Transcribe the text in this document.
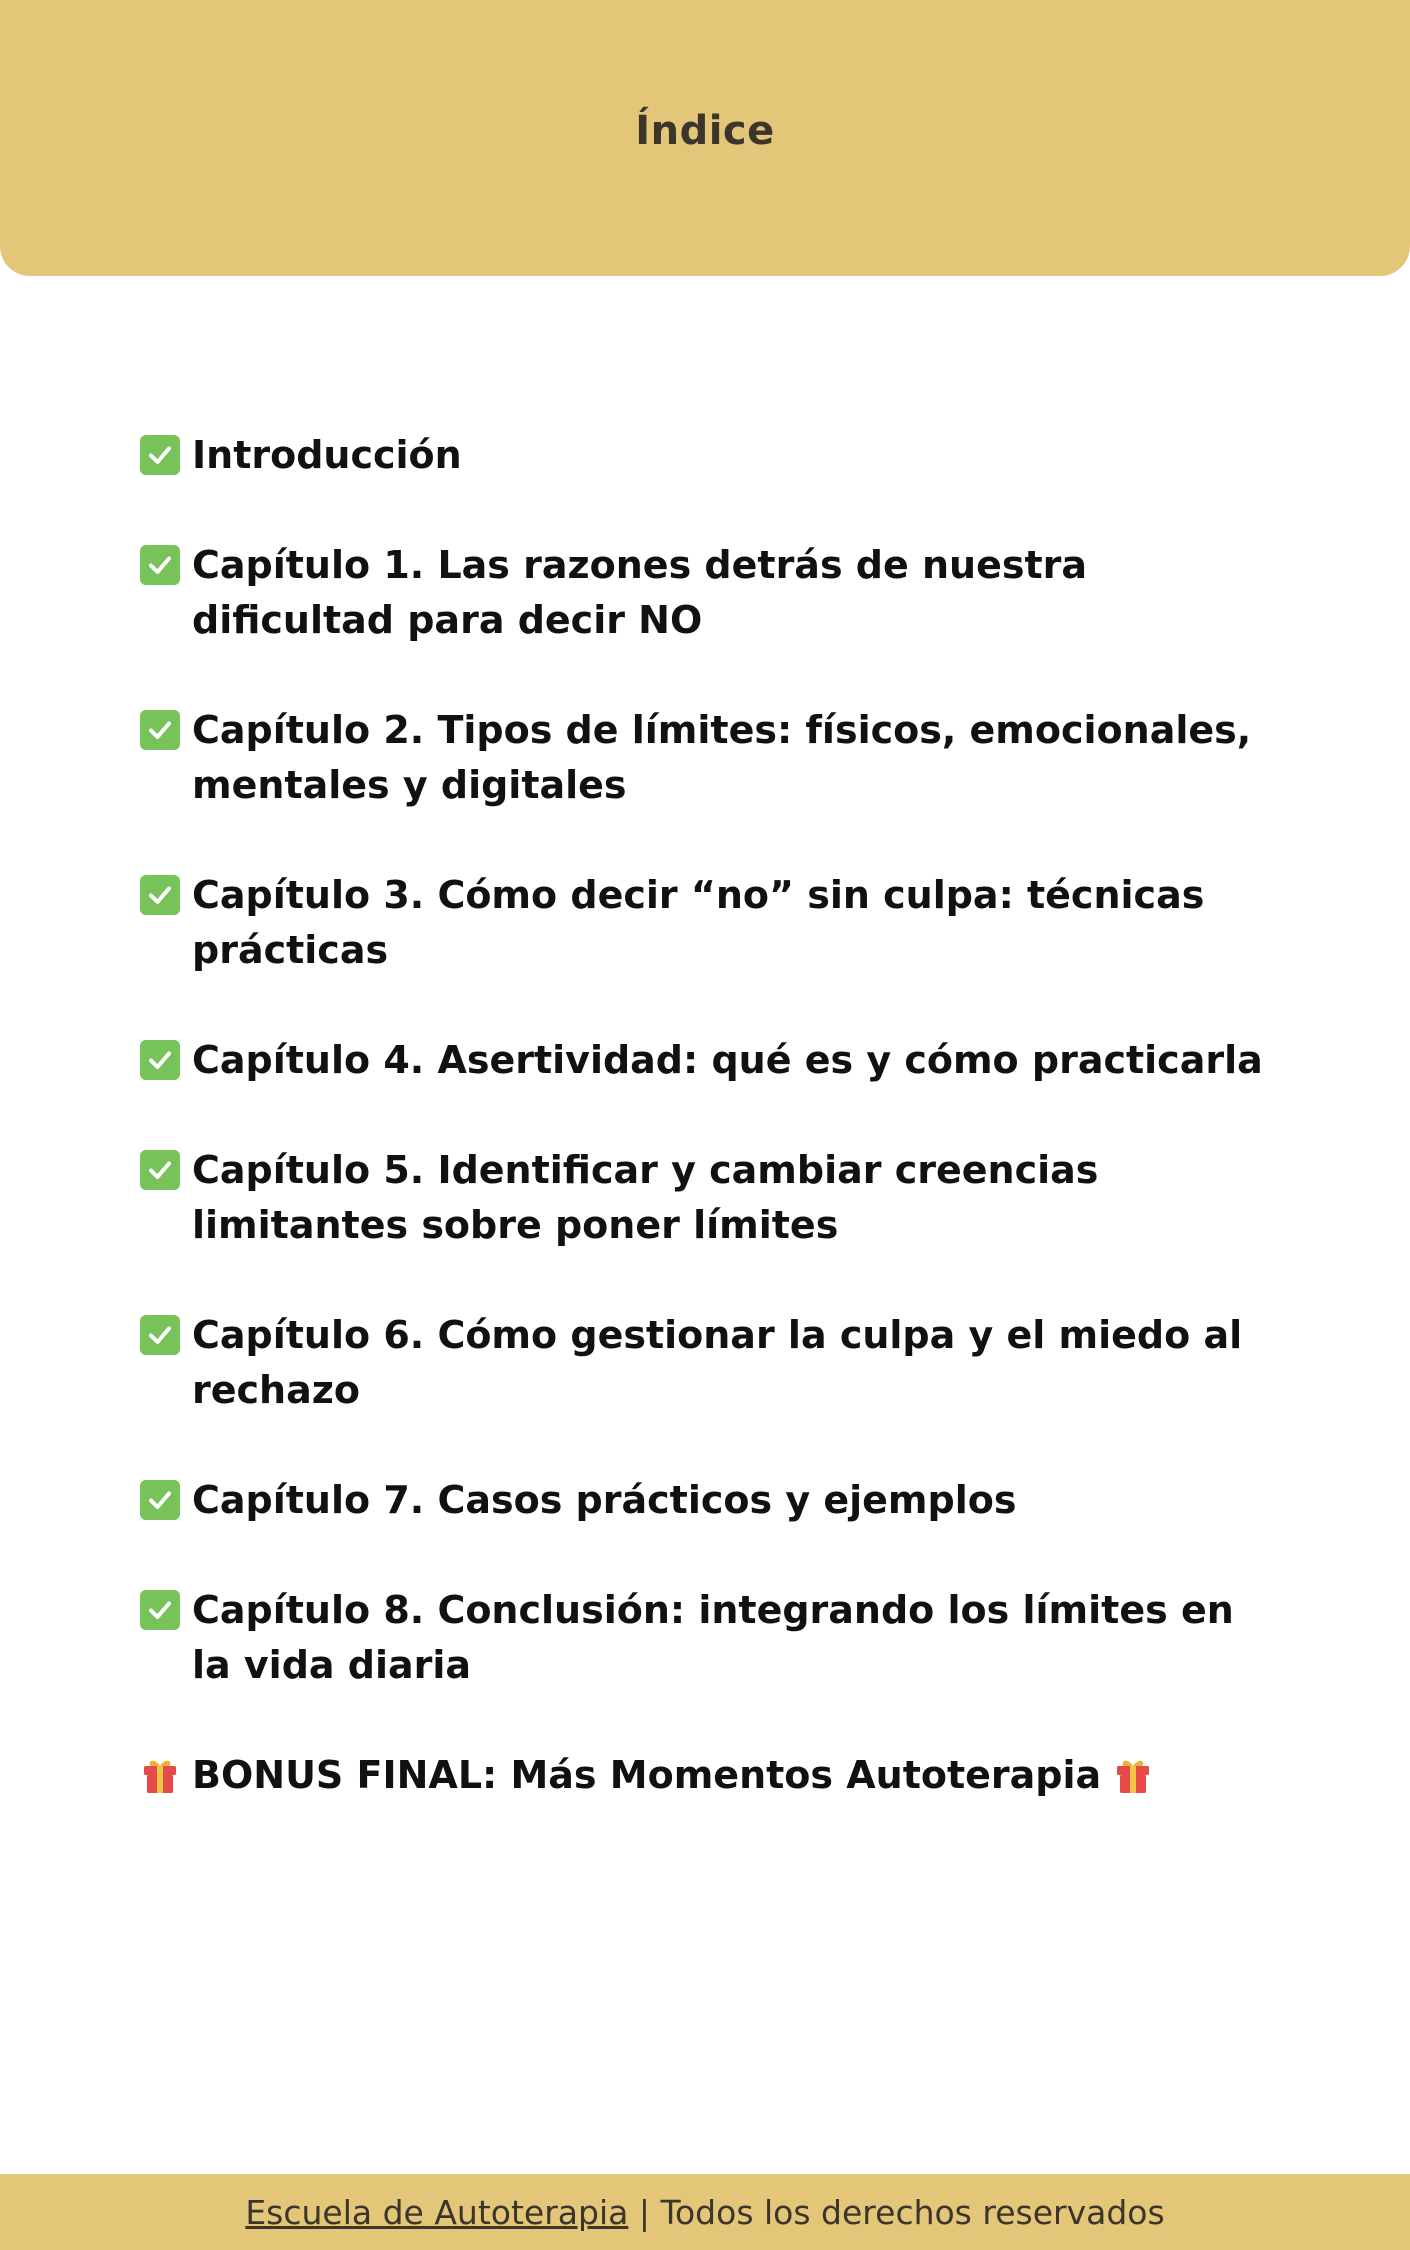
Índice
Introducción
Capítulo 1. Las razones detrás de nuestra dificultad para decir NO
Capítulo 2. Tipos de límites: físicos, emocionales, mentales y digitales
Capítulo 3. Cómo decir “no” sin culpa: técnicas prácticas
Capítulo 4. Asertividad: qué es y cómo practicarla
Capítulo 5. Identificar y cambiar creencias limitantes sobre poner límites
Capítulo 6. Cómo gestionar la culpa y el miedo al rechazo
Capítulo 7. Casos prácticos y ejemplos
Capítulo 8. Conclusión: integrando los límites en la vida diaria
BONUS FINAL: Más Momentos Autoterapia
Escuela de Autoterapia | Todos los derechos reservados
